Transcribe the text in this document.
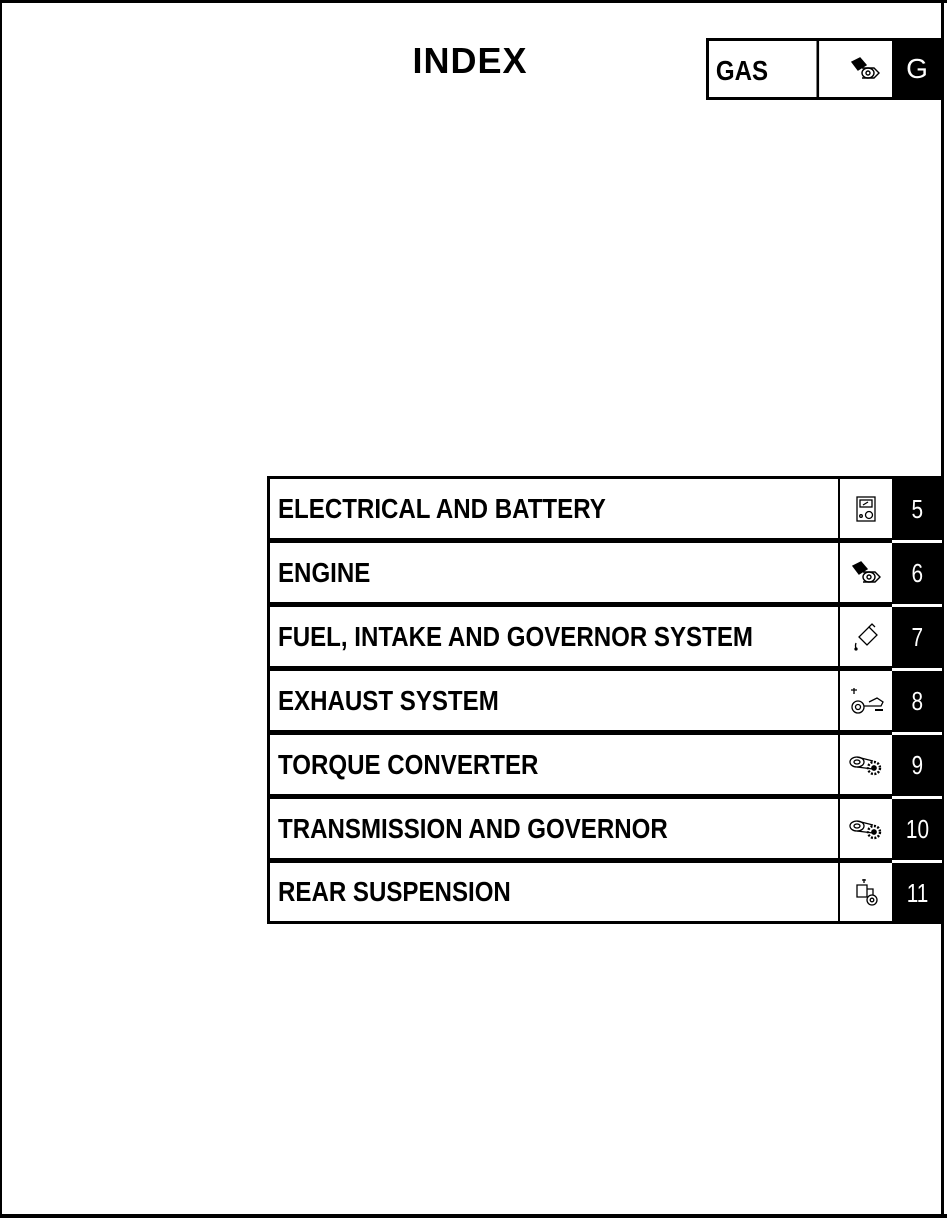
INDEX	GAS	G
ELECTRICAL AND BATTERY	5
ENGINE	6
FUEL, INTAKE AND GOVERNOR SYSTEM	7
EXHAUST SYSTEM	8
TORQUE CONVERTER	9
TRANSMISSION AND GOVERNOR	10
REAR SUSPENSION	11
